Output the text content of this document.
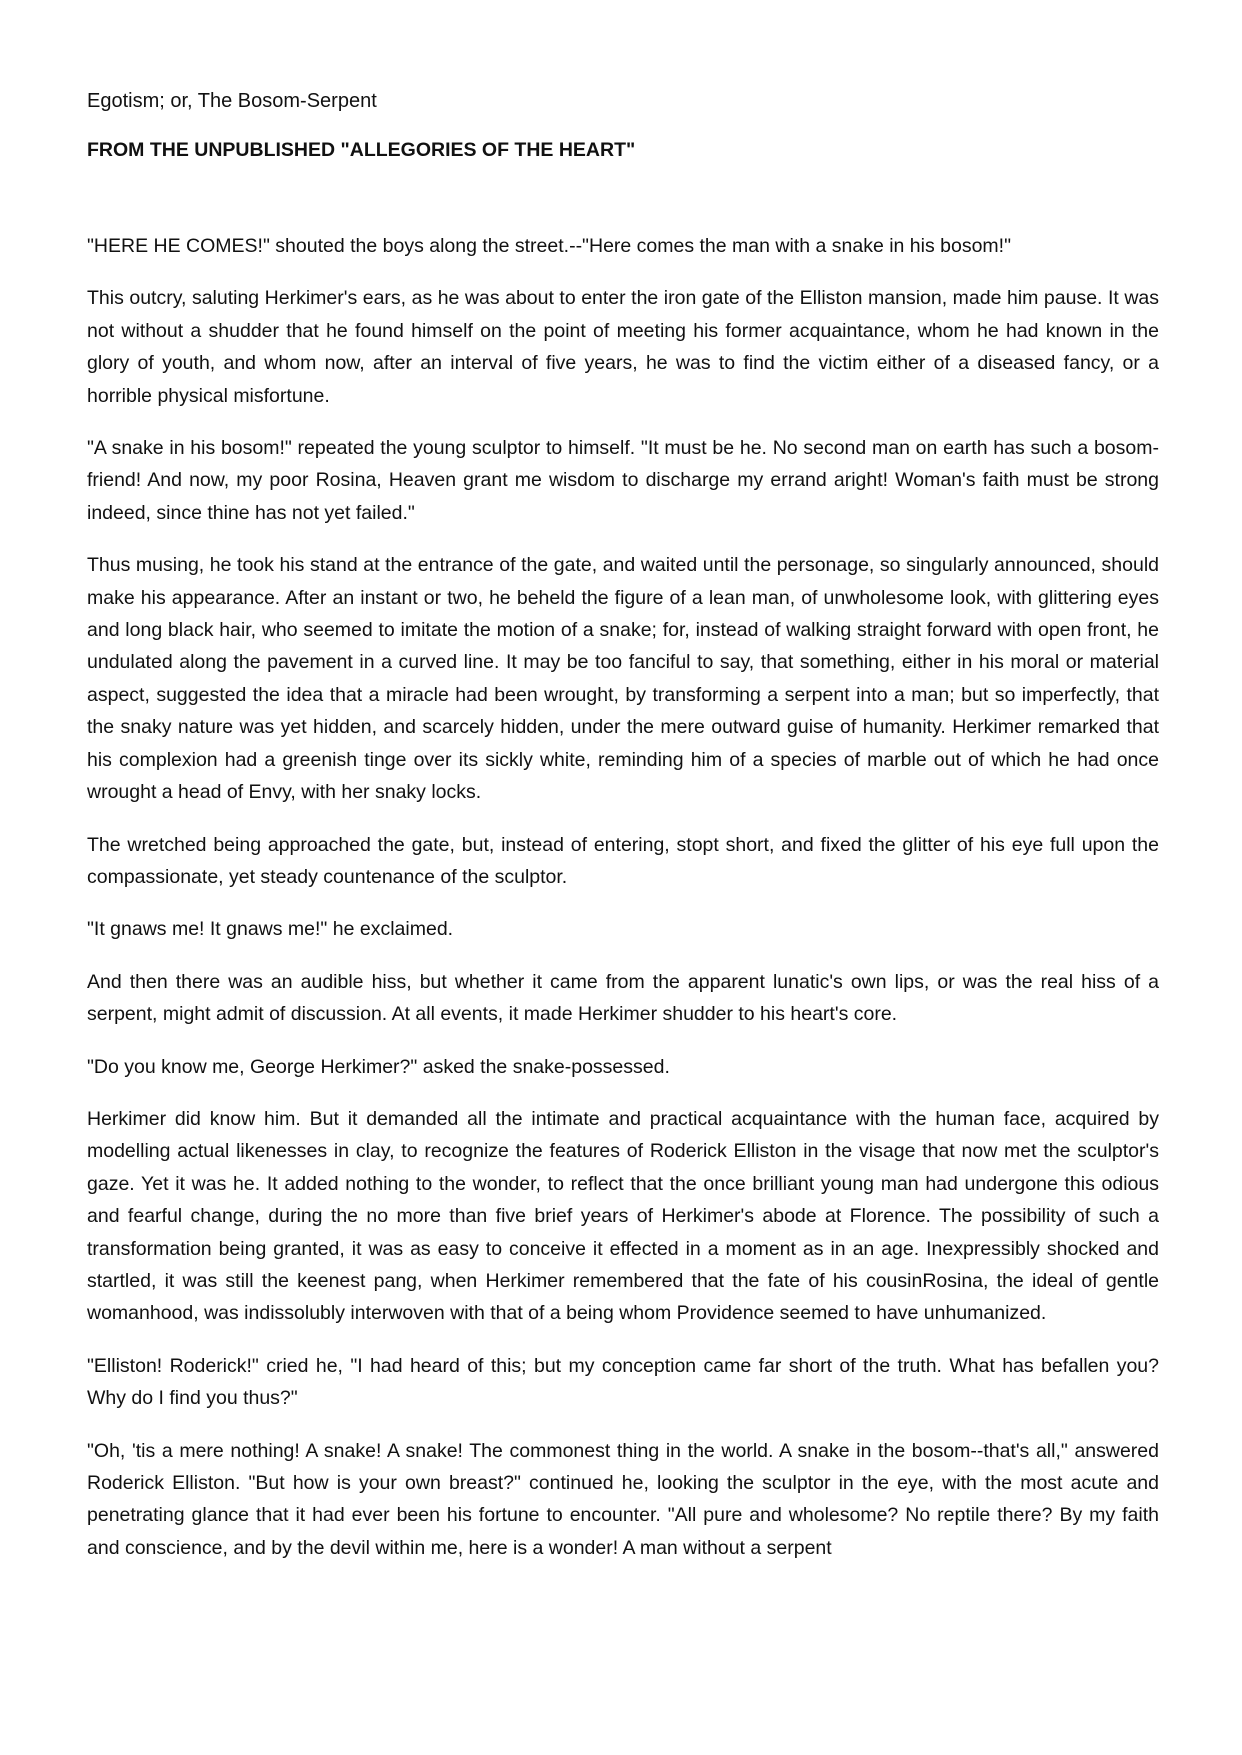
Egotism; or, The Bosom-Serpent
FROM THE UNPUBLISHED "ALLEGORIES OF THE HEART"

"HERE HE COMES!" shouted the boys along the street.--"Here comes the man with a snake in his bosom!"

This outcry, saluting Herkimer's ears, as he was about to enter the iron gate of the Elliston mansion, made him pause. It was not without a shudder that he found himself on the point of meeting his former acquaintance, whom he had known in the glory of youth, and whom now, after an interval of five years, he was to find the victim either of a diseased fancy, or a horrible physical misfortune.

"A snake in his bosom!" repeated the young sculptor to himself. "It must be he. No second man on earth has such a bosom-friend! And now, my poor Rosina, Heaven grant me wisdom to discharge my errand aright! Woman's faith must be strong indeed, since thine has not yet failed."

Thus musing, he took his stand at the entrance of the gate, and waited until the personage, so singularly announced, should make his appearance. After an instant or two, he beheld the figure of a lean man, of unwholesome look, with glittering eyes and long black hair, who seemed to imitate the motion of a snake; for, instead of walking straight forward with open front, he undulated along the pavement in a curved line. It may be too fanciful to say, that something, either in his moral or material aspect, suggested the idea that a miracle had been wrought, by transforming a serpent into a man; but so imperfectly, that the snaky nature was yet hidden, and scarcely hidden, under the mere outward guise of humanity. Herkimer remarked that his complexion had a greenish tinge over its sickly white, reminding him of a species of marble out of which he had once wrought a head of Envy, with her snaky locks.

The wretched being approached the gate, but, instead of entering, stopt short, and fixed the glitter of his eye full upon the compassionate, yet steady countenance of the sculptor.

"It gnaws me! It gnaws me!" he exclaimed.

And then there was an audible hiss, but whether it came from the apparent lunatic's own lips, or was the real hiss of a serpent, might admit of discussion. At all events, it made Herkimer shudder to his heart's core.

"Do you know me, George Herkimer?" asked the snake-possessed.

Herkimer did know him. But it demanded all the intimate and practical acquaintance with the human face, acquired by modelling actual likenesses in clay, to recognize the features of Roderick Elliston in the visage that now met the sculptor's gaze. Yet it was he. It added nothing to the wonder, to reflect that the once brilliant young man had undergone this odious and fearful change, during the no more than five brief years of Herkimer's abode at Florence. The possibility of such a transformation being granted, it was as easy to conceive it effected in a moment as in an age. Inexpressibly shocked and startled, it was still the keenest pang, when Herkimer remembered that the fate of his cousinRosina, the ideal of gentle womanhood, was indissolubly interwoven with that of a being whom Providence seemed to have unhumanized.

"Elliston! Roderick!" cried he, "I had heard of this; but my conception came far short of the truth. What has befallen you? Why do I find you thus?"

"Oh, 'tis a mere nothing! A snake! A snake! The commonest thing in the world. A snake in the bosom--that's all," answered Roderick Elliston. "But how is your own breast?" continued he, looking the sculptor in the eye, with the most acute and penetrating glance that it had ever been his fortune to encounter. "All pure and wholesome? No reptile there? By my faith and conscience, and by the devil within me, here is a wonder! A man without a serpent
